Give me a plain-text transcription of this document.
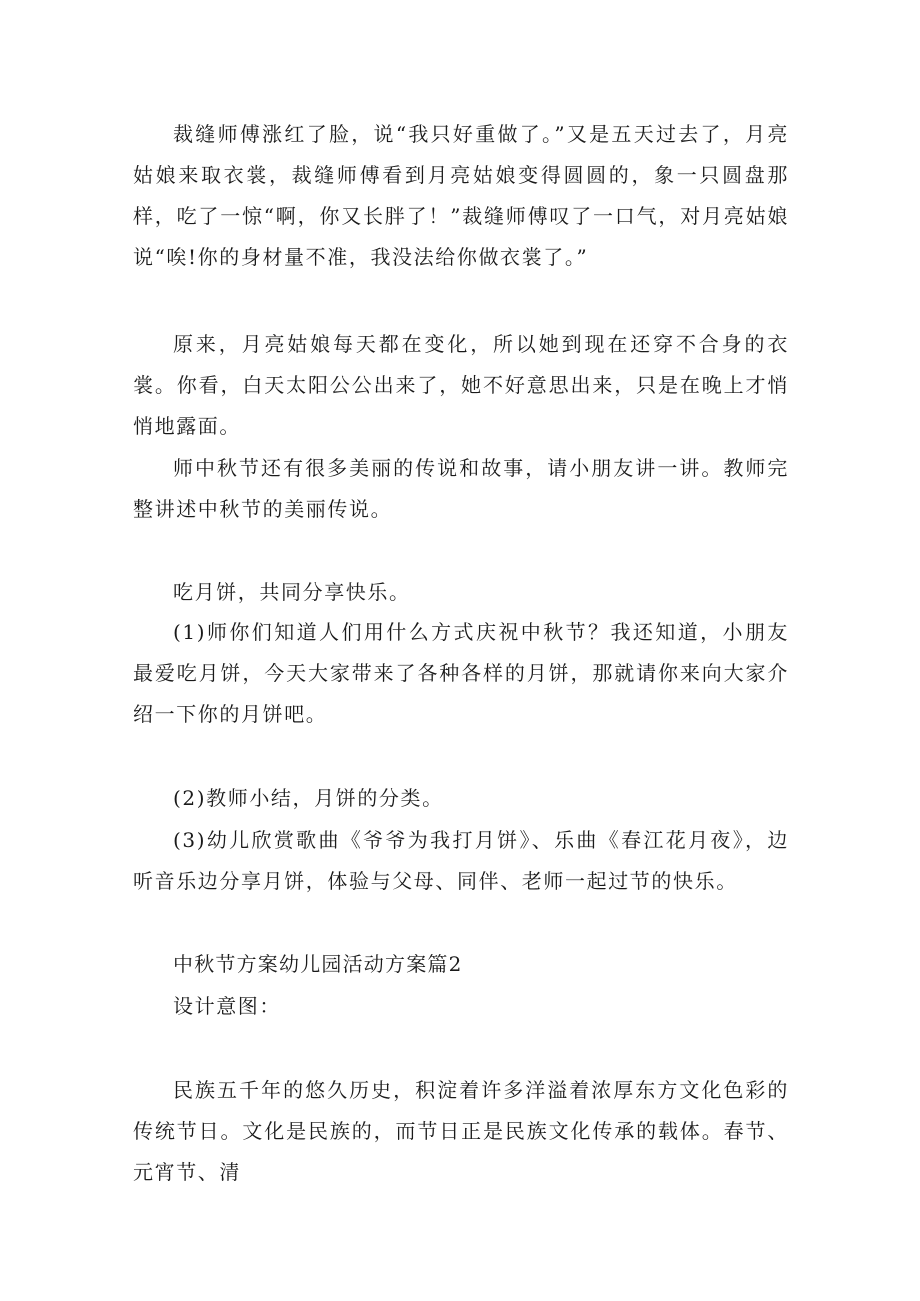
裁缝师傅涨红了脸，说“我只好重做了。”又是五天过去了，月亮姑娘来取衣裳，裁缝师傅看到月亮姑娘变得圆圆的，象一只圆盘那样，吃了一惊“啊，你又长胖了！”裁缝师傅叹了一口气，对月亮姑娘说“唉!你的身材量不准，我没法给你做衣裳了。”

原来，月亮姑娘每天都在变化，所以她到现在还穿不合身的衣裳。你看，白天太阳公公出来了，她不好意思出来，只是在晚上才悄悄地露面。

师中秋节还有很多美丽的传说和故事，请小朋友讲一讲。教师完整讲述中秋节的美丽传说。

吃月饼，共同分享快乐。

(1)师你们知道人们用什么方式庆祝中秋节？我还知道，小朋友最爱吃月饼，今天大家带来了各种各样的月饼，那就请你来向大家介绍一下你的月饼吧。

(2)教师小结，月饼的分类。

(3)幼儿欣赏歌曲《爷爷为我打月饼》、乐曲《春江花月夜》，边听音乐边分享月饼，体验与父母、同伴、老师一起过节的快乐。

中秋节方案幼儿园活动方案篇2

设计意图：

民族五千年的悠久历史，积淀着许多洋溢着浓厚东方文化色彩的传统节日。文化是民族的，而节日正是民族文化传承的载体。春节、元宵节、清
